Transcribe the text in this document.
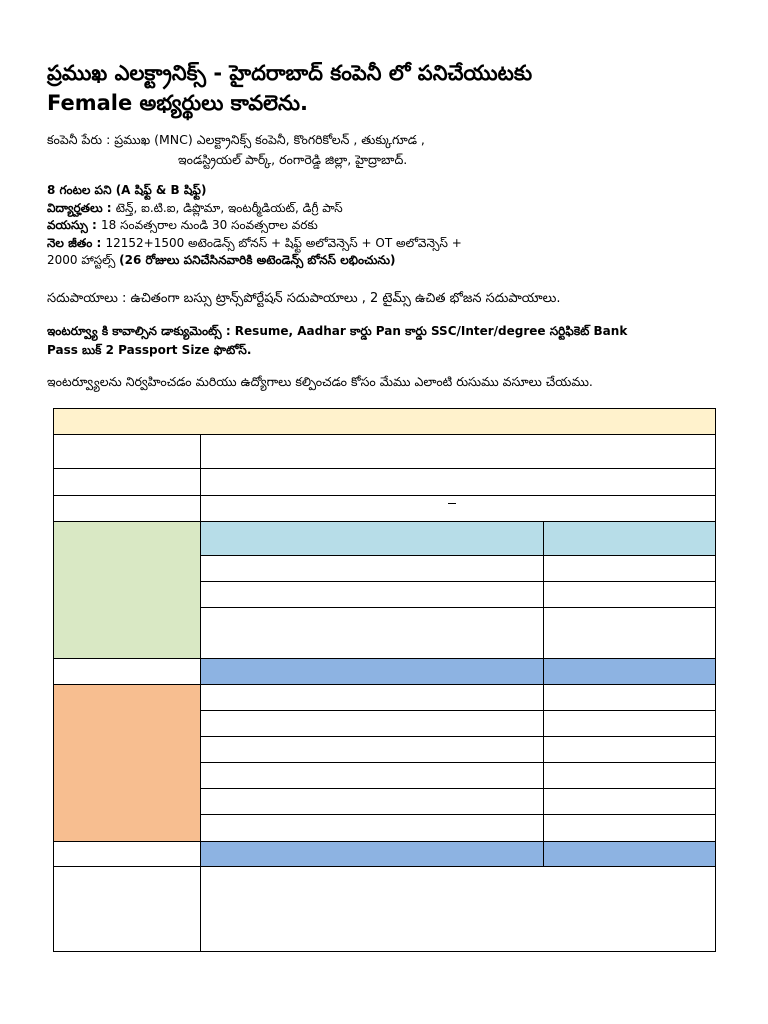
ప్రముఖ ఎలక్ట్రానిక్స్ - హైదరాబాద్ కంపెనీ లో పనిచేయుటకు
Female అభ్యర్థులు కావలెను.
కంపెనీ పేరు : ప్రముఖ (MNC) ఎలక్ట్రానిక్స్ కంపెనీ, కొంగరికోలన్ , తుక్కుగూడ ,
ఇండస్ట్రియల్ పార్క్, రంగారెడ్డి జిల్లా, హైద్రాబాద్.
8 గంటల పని (A షిఫ్ట్ & B షిఫ్ట్)
విద్యార్హతలు : టెన్త్, ఐ.టి.ఐ, డిప్లొమా, ఇంటర్మీడియట్, డిగ్రీ పాస్
వయస్సు : 18 సంవత్సరాల నుండి 30 సంవత్సరాల వరకు
నెల జీతం : 12152+1500 అటెండెన్స్ బోనస్ + షిఫ్ట్ అలోవెన్సెస్ + OT అలోవెన్సెస్ +
2000 హాస్టల్స్ (26 రోజులు పనిచేసినవారికి అటెండెన్స్ బోనస్ లభించును)
సదుపాయాలు : ఉచితంగా బస్సు ట్రాన్స్‌పోర్టేషన్ సదుపాయాలు , 2 టైమ్స్ ఉచిత భోజన సదుపాయాలు.
ఇంటర్వ్యూ కి కావాల్సిన డాక్యుమెంట్స్ : Resume, Aadhar కార్డు Pan కార్డు SSC/Inter/degree సర్టిఫికెట్ Bank
Pass బుక్ 2 Passport Size ఫొటోస్.
ఇంటర్వ్యూలను నిర్వహించడం మరియు ఉద్యోగాలు కల్పించడం కోసం మేము ఎలాంటి రుసుము వసూలు చేయము.
